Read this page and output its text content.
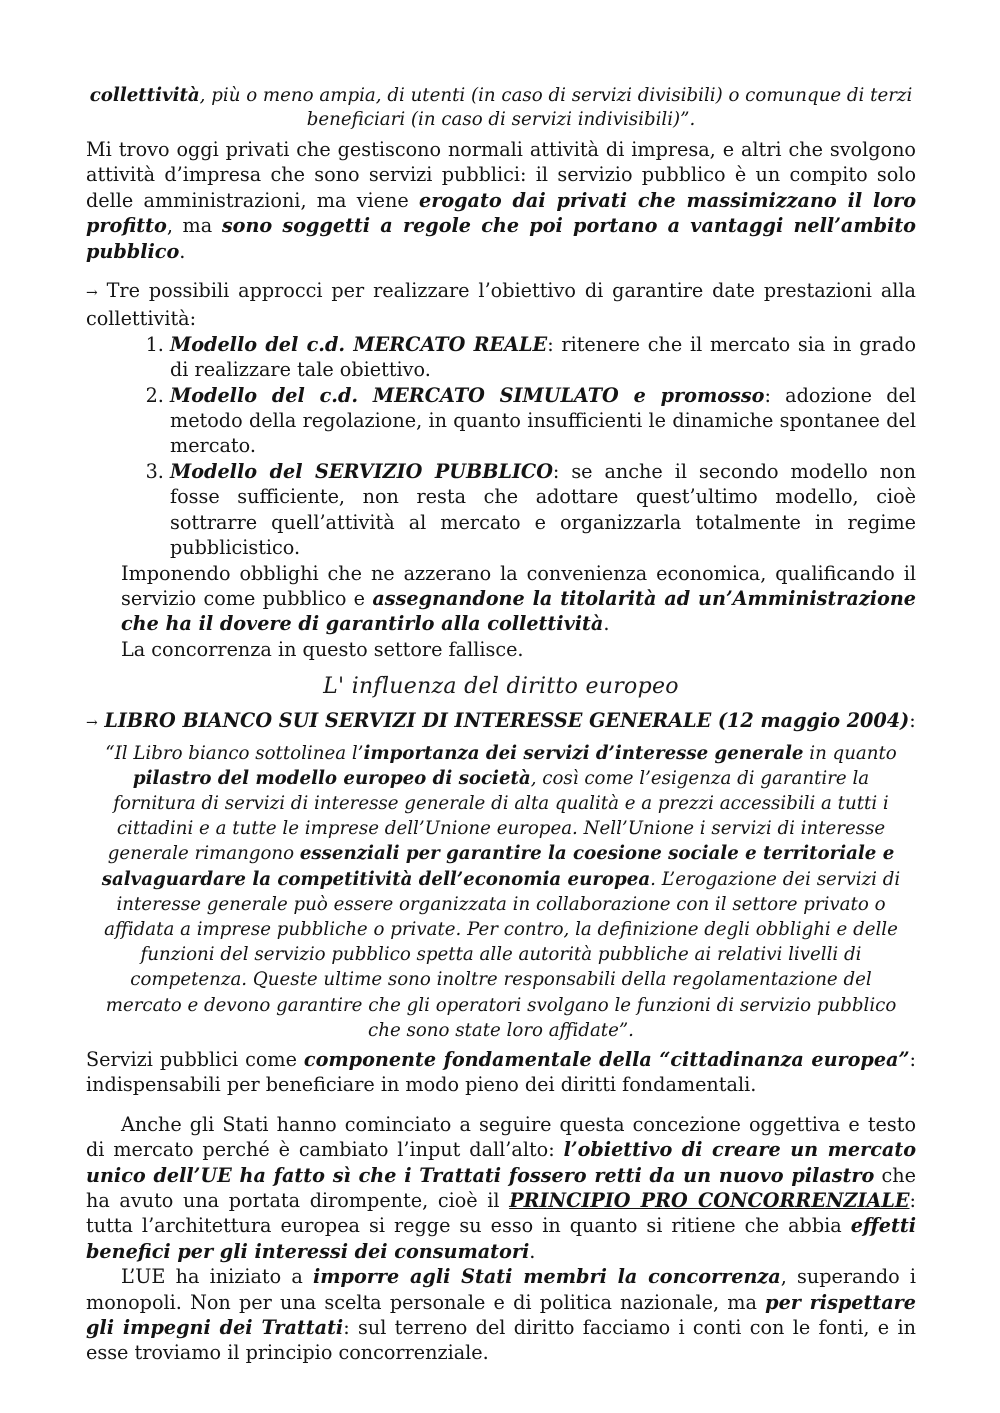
collettività, più o meno ampia, di utenti (in caso di servizi divisibili) o comunque di terzi beneficiari (in caso di servizi indivisibili)”.

Mi trovo oggi privati che gestiscono normali attività di impresa, e altri che svolgono attività d’impresa che sono servizi pubblici: il servizio pubblico è un compito solo delle amministrazioni, ma viene erogato dai privati che massimizzano il loro profitto, ma sono soggetti a regole che poi portano a vantaggi nell’ambito pubblico.

→ Tre possibili approcci per realizzare l’obiettivo di garantire date prestazioni alla collettività:

1. Modello del c.d. MERCATO REALE: ritenere che il mercato sia in grado di realizzare tale obiettivo.
2. Modello del c.d. MERCATO SIMULATO e promosso: adozione del metodo della regolazione, in quanto insufficienti le dinamiche spontanee del mercato.
3. Modello del SERVIZIO PUBBLICO: se anche il secondo modello non fosse sufficiente, non resta che adottare quest’ultimo modello, cioè sottrarre quell’attività al mercato e organizzarla totalmente in regime pubblicistico.

Imponendo obblighi che ne azzerano la convenienza economica, qualificando il servizio come pubblico e assegnandone la titolarità ad un’Amministrazione che ha il dovere di garantirlo alla collettività.

La concorrenza in questo settore fallisce.

L' influenza del diritto europeo

→ LIBRO BIANCO SUI SERVIZI DI INTERESSE GENERALE (12 maggio 2004):

“Il Libro bianco sottolinea l’importanza dei servizi d’interesse generale in quanto pilastro del modello europeo di società, così come l’esigenza di garantire la fornitura di servizi di interesse generale di alta qualità e a prezzi accessibili a tutti i cittadini e a tutte le imprese dell’Unione europea. Nell’Unione i servizi di interesse generale rimangono essenziali per garantire la coesione sociale e territoriale e salvaguardare la competitività dell’economia europea. L’erogazione dei servizi di interesse generale può essere organizzata in collaborazione con il settore privato o affidata a imprese pubbliche o private. Per contro, la definizione degli obblighi e delle funzioni del servizio pubblico spetta alle autorità pubbliche ai relativi livelli di competenza. Queste ultime sono inoltre responsabili della regolamentazione del mercato e devono garantire che gli operatori svolgano le funzioni di servizio pubblico che sono state loro affidate”.

Servizi pubblici come componente fondamentale della “cittadinanza europea”: indispensabili per beneficiare in modo pieno dei diritti fondamentali.

Anche gli Stati hanno cominciato a seguire questa concezione oggettiva e testo di mercato perché è cambiato l’input dall’alto: l’obiettivo di creare un mercato unico dell’UE ha fatto sì che i Trattati fossero retti da un nuovo pilastro che ha avuto una portata dirompente, cioè il PRINCIPIO PRO CONCORRENZIALE: tutta l’architettura europea si regge su esso in quanto si ritiene che abbia effetti benefici per gli interessi dei consumatori.

L’UE ha iniziato a imporre agli Stati membri la concorrenza, superando i monopoli. Non per una scelta personale e di politica nazionale, ma per rispettare gli impegni dei Trattati: sul terreno del diritto facciamo i conti con le fonti, e in esse troviamo il principio concorrenziale.
